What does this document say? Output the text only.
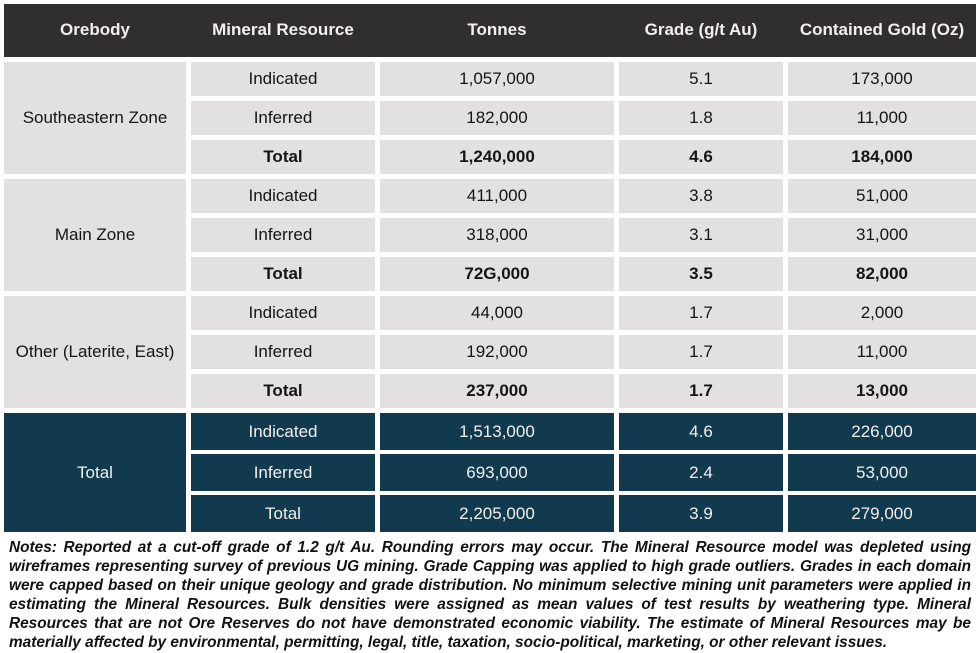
Orebody	Mineral Resource	Tonnes	Grade (g/t Au)	Contained Gold (Oz)
Southeastern Zone
Indicated	1,057,000	5.1	173,000
Inferred	182,000	1.8	11,000
Total	1,240,000	4.6	184,000
Main Zone
Indicated	411,000	3.8	51,000
Inferred	318,000	3.1	31,000
Total	72G,000	3.5	82,000
Other (Laterite, East)
Indicated	44,000	1.7	2,000
Inferred	192,000	1.7	11,000
Total	237,000	1.7	13,000
Total
Indicated	1,513,000	4.6	226,000
Inferred	693,000	2.4	53,000
Total	2,205,000	3.9	279,000
Notes: Reported at a cut-off grade of 1.2 g/t Au. Rounding errors may occur. The Mineral Resource model was depleted using wireframes representing survey of previous UG mining. Grade Capping was applied to high grade outliers. Grades in each domain were capped based on their unique geology and grade distribution. No minimum selective mining unit parameters were applied in estimating the Mineral Resources. Bulk densities were assigned as mean values of test results by weathering type. Mineral Resources that are not Ore Reserves do not have demonstrated economic viability. The estimate of Mineral Resources may be materially affected by environmental, permitting, legal, title, taxation, socio-political, marketing, or other relevant issues.
